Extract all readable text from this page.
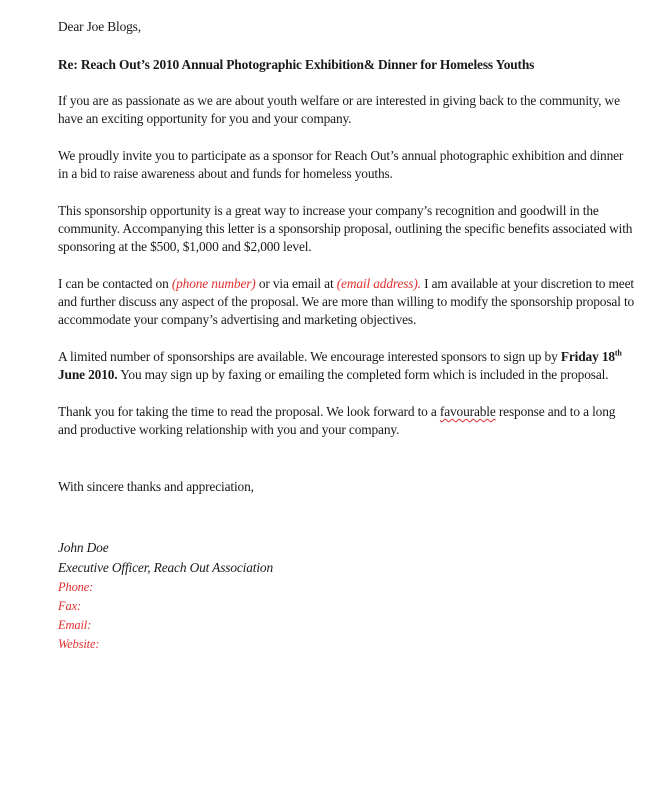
Dear Joe Blogs,

Re: Reach Out’s 2010 Annual Photographic Exhibition& Dinner for Homeless Youths

If you are as passionate as we are about youth welfare or are interested in giving back to the community, we have an exciting opportunity for you and your company.

We proudly invite you to participate as a sponsor for Reach Out’s annual photographic exhibition and dinner in a bid to raise awareness about and funds for homeless youths.

This sponsorship opportunity is a great way to increase your company’s recognition and goodwill in the community. Accompanying this letter is a sponsorship proposal, outlining the specific benefits associated with sponsoring at the $500, $1,000 and $2,000 level.

I can be contacted on (phone number) or via email at (email address). I am available at your discretion to meet and further discuss any aspect of the proposal. We are more than willing to modify the sponsorship proposal to accommodate your company’s advertising and marketing objectives.

A limited number of sponsorships are available. We encourage interested sponsors to sign up by Friday 18th June 2010. You may sign up by faxing or emailing the completed form which is included in the proposal.

Thank you for taking the time to read the proposal. We look forward to a favourable response and to a long and productive working relationship with you and your company.

With sincere thanks and appreciation,

John Doe
Executive Officer, Reach Out Association
Phone:
Fax:
Email:
Website:
